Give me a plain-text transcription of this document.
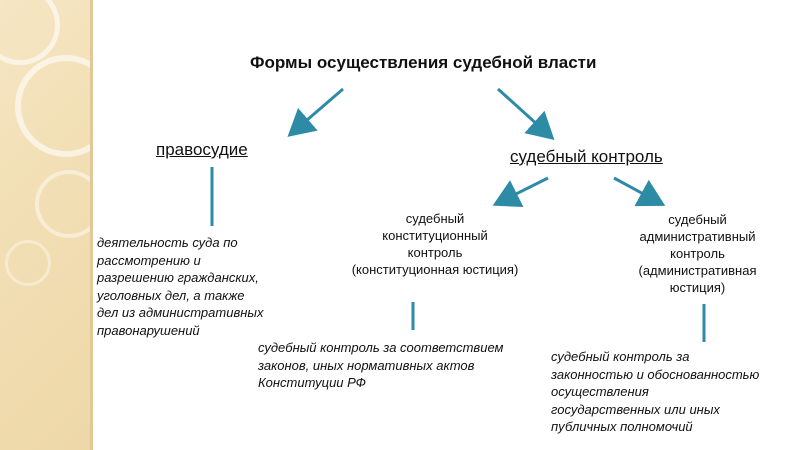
Формы осуществления судебной власти
правосудие	судебный контроль
судебный
конституционный
контроль
(конституционная юстиция)
судебный
административный
контроль
(административная
юстиция)
деятельность суда по
рассмотрению и
разрешению гражданских,
уголовных дел, а также
дел из административных
правонарушений
судебный контроль за соответствием
законов, иных нормативных актов
Конституции РФ
судебный контроль за
законностью и обоснованностью
осуществления
государственных или иных
публичных полномочий
